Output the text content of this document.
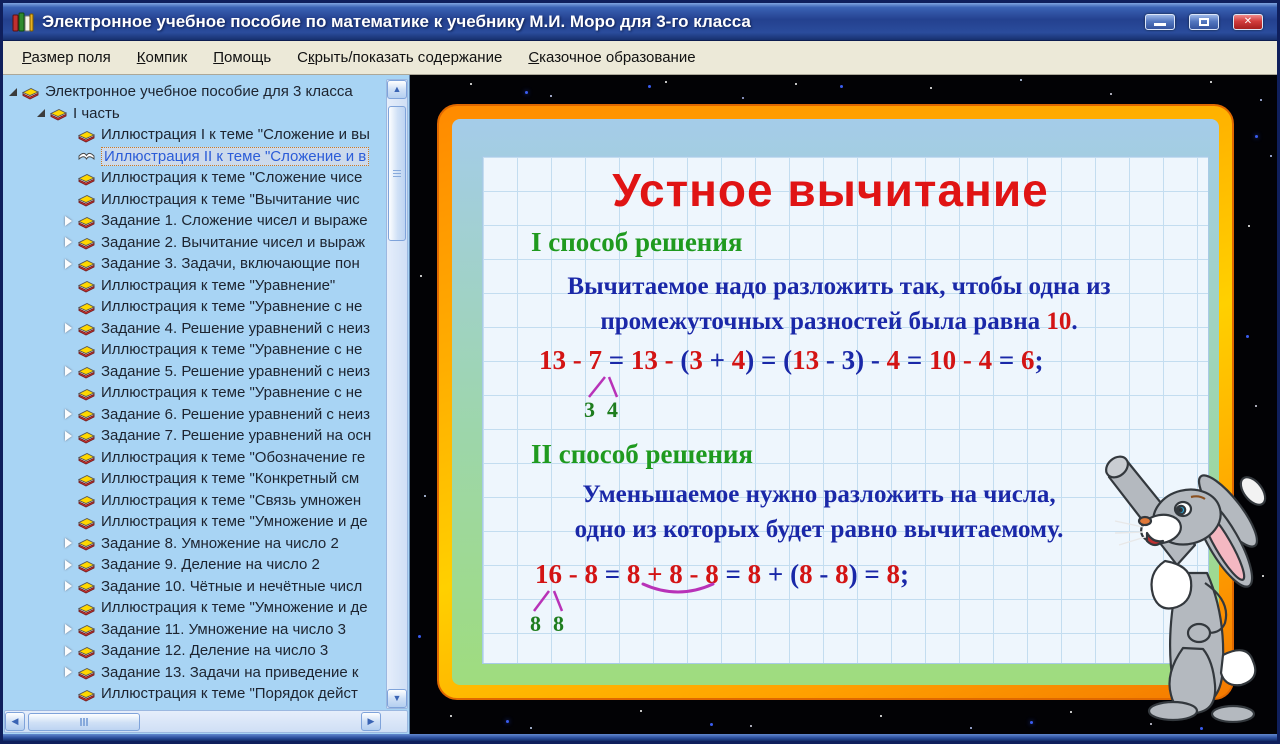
Электронное учебное пособие по математике к учебнику М.И. Моро для 3-го класса	✕
Размер поля	Компик	Помощь	Скрыть/показать содержание	Сказочное образование
Электронное учебное пособие для 3 класса
I часть
Иллюстрация I к теме "Сложение и вы
Иллюстрация II к теме "Сложение и в
Иллюстрация к теме "Сложение чисе
Иллюстрация к теме "Вычитание чис
Задание 1. Сложение чисел и выраже
Задание 2. Вычитание чисел и выраж
Задание 3. Задачи, включающие пон
Иллюстрация к теме "Уравнение"
Иллюстрация к теме "Уравнение с не
Задание 4. Решение уравнений с неиз
Иллюстрация к теме "Уравнение с не
Задание 5. Решение уравнений с неиз
Иллюстрация к теме "Уравнение с не
Задание 6. Решение уравнений с неиз
Задание 7. Решение уравнений на осн
Иллюстрация к теме "Обозначение ге
Иллюстрация к теме "Конкретный см
Иллюстрация к теме "Связь умножен
Иллюстрация к теме "Умножение и де
Задание 8. Умножение на число 2
Задание 9. Деление на число 2
Задание 10. Чётные и нечётные числ
Иллюстрация к теме "Умножение и де
Задание 11. Умножение на число 3
Задание 12. Деление на число 3
Задание 13. Задачи на приведение к
Иллюстрация к теме "Порядок дейст
▲
▼
◀	▶
Устное вычитание
I способ решения
Вычитаемое надо разложить так, чтобы одна из
промежуточных разностей была равна 10.
13 - 7 = 13 - (3 + 4) = (13 - 3) - 4 = 10 - 4 = 6;
3 4
II способ решения
Уменьшаемое нужно разложить на числа,
одно из которых будет равно вычитаемому.
16 - 8 = 8 + 8 - 8 = 8 + (8 - 8) = 8;
8 8
